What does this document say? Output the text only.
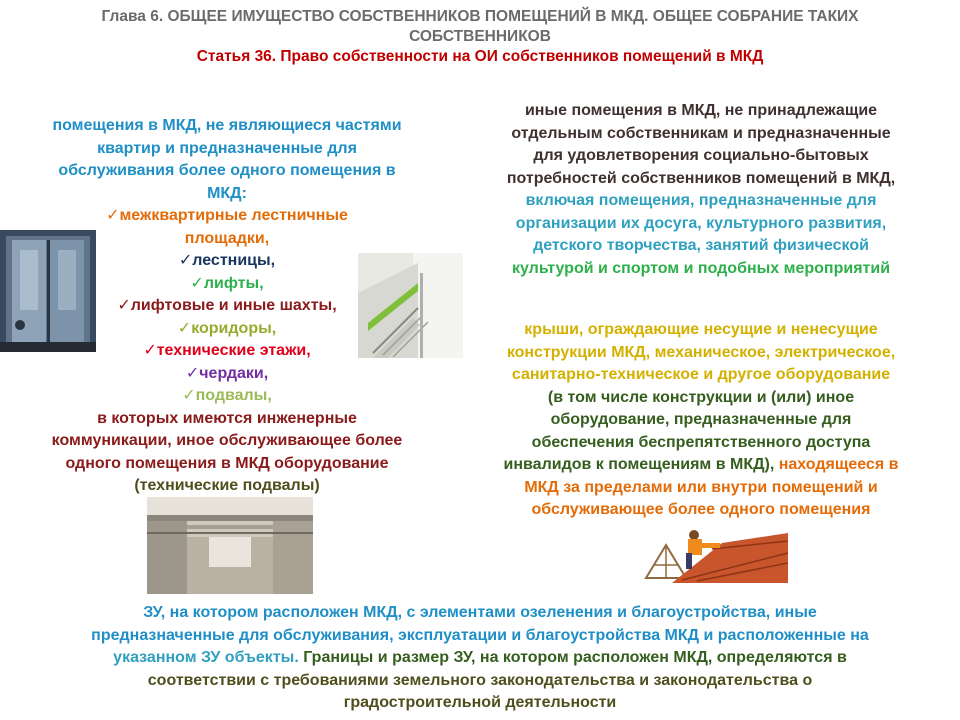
Глава 6. ОБЩЕЕ ИМУЩЕСТВО СОБСТВЕННИКОВ ПОМЕЩЕНИЙ В МКД. ОБЩЕЕ СОБРАНИЕ ТАКИХ
СОБСТВЕННИКОВ
Статья 36. Право собственности на ОИ собственников помещений в МКД
помещения в МКД, не являющиеся частями
квартир и предназначенные для
обслуживания более одного помещения в
МКД:
✓межквартирные лестничные
площадки,
✓лестницы,
✓лифты,
✓лифтовые и иные шахты,
✓коридоры,
✓технические этажи,
✓чердаки,
✓подвалы,
в которых имеются инженерные
коммуникации, иное обслуживающее более
одного помещения в МКД оборудование
(технические подвалы)
иные помещения в МКД, не принадлежащие
отдельным собственникам и предназначенные
для удовлетворения социально-бытовых
потребностей собственников помещений в МКД,
включая помещения, предназначенные для
организации их досуга, культурного развития,
детского творчества, занятий физической
культурой и спортом и подобных мероприятий
крыши, ограждающие несущие и ненесущие
конструкции МКД, механическое, электрическое,
санитарно-техническое и другое оборудование
(в том числе конструкции и (или) иное
оборудование, предназначенные для
обеспечения беспрепятственного доступа
инвалидов к помещениям в МКД), находящееся в
МКД за пределами или внутри помещений и
обслуживающее более одного помещения
ЗУ, на котором расположен МКД, с элементами озеленения и благоустройства, иные
предназначенные для обслуживания, эксплуатации и благоустройства МКД и расположенные на
указанном ЗУ объекты. Границы и размер ЗУ, на котором расположен МКД, определяются в
соответствии с требованиями земельного законодательства и законодательства о
градостроительной деятельности
